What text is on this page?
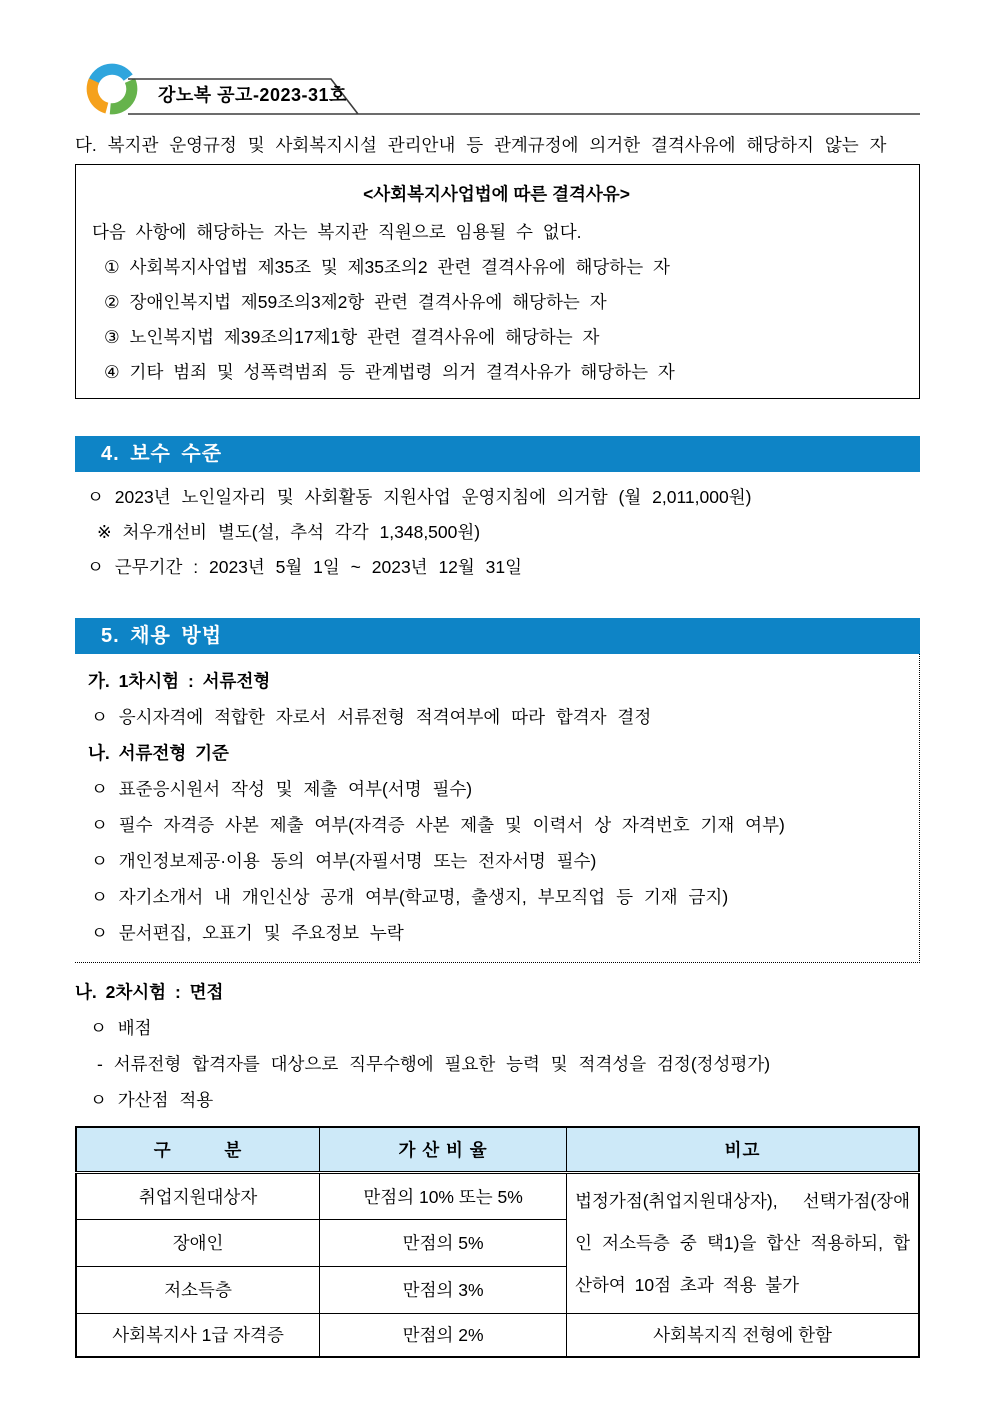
강노복 공고-2023-31호
다. 복지관 운영규정 및 사회복지시설 관리안내 등 관계규정에 의거한 결격사유에 해당하지 않는 자
<사회복지사업법에 따른 결격사유>
다음 사항에 해당하는 자는 복지관 직원으로 임용될 수 없다.
① 사회복지사업법 제35조 및 제35조의2 관련 결격사유에 해당하는 자
② 장애인복지법 제59조의3제2항 관련 결격사유에 해당하는 자
③ 노인복지법 제39조의17제1항 관련 결격사유에 해당하는 자
④ 기타 범죄 및 성폭력범죄 등 관계법령 의거 결격사유가 해당하는 자
4. 보수 수준
ㅇ 2023년 노인일자리 및 사회활동 지원사업 운영지침에 의거함 (월 2,011,000원)
※ 처우개선비 별도(설, 추석 각각 1,348,500원)
ㅇ 근무기간 : 2023년 5월 1일 ~ 2023년 12월 31일
5. 채용 방법
가. 1차시험 : 서류전형
ㅇ 응시자격에 적합한 자로서 서류전형 적격여부에 따라 합격자 결정
나. 서류전형 기준
ㅇ 표준응시원서 작성 및 제출 여부(서명 필수)
ㅇ 필수 자격증 사본 제출 여부(자격증 사본 제출 및 이력서 상 자격번호 기재 여부)
ㅇ 개인정보제공·이용 동의 여부(자필서명 또는 전자서명 필수)
ㅇ 자기소개서 내 개인신상 공개 여부(학교명, 출생지, 부모직업 등 기재 금지)
ㅇ 문서편집, 오표기 및 주요정보 누락
나. 2차시험 : 면접
ㅇ 배점
- 서류전형 합격자를 대상으로 직무수행에 필요한 능력 및 적격성을 검정(정성평가)
ㅇ 가산점 적용
구         분	가 산 비 율	비고
취업지원대상자	만점의 10% 또는 5%	법정가점(취업지원대상자), 선택가점(장애인 저소득층 중 택1)을 합산 적용하되, 합산하여 10점 초과 적용 불가
장애인	만점의 5%	
저소득층	만점의 3%	
사회복지사 1급 자격증	만점의 2%	사회복지직 전형에 한함
